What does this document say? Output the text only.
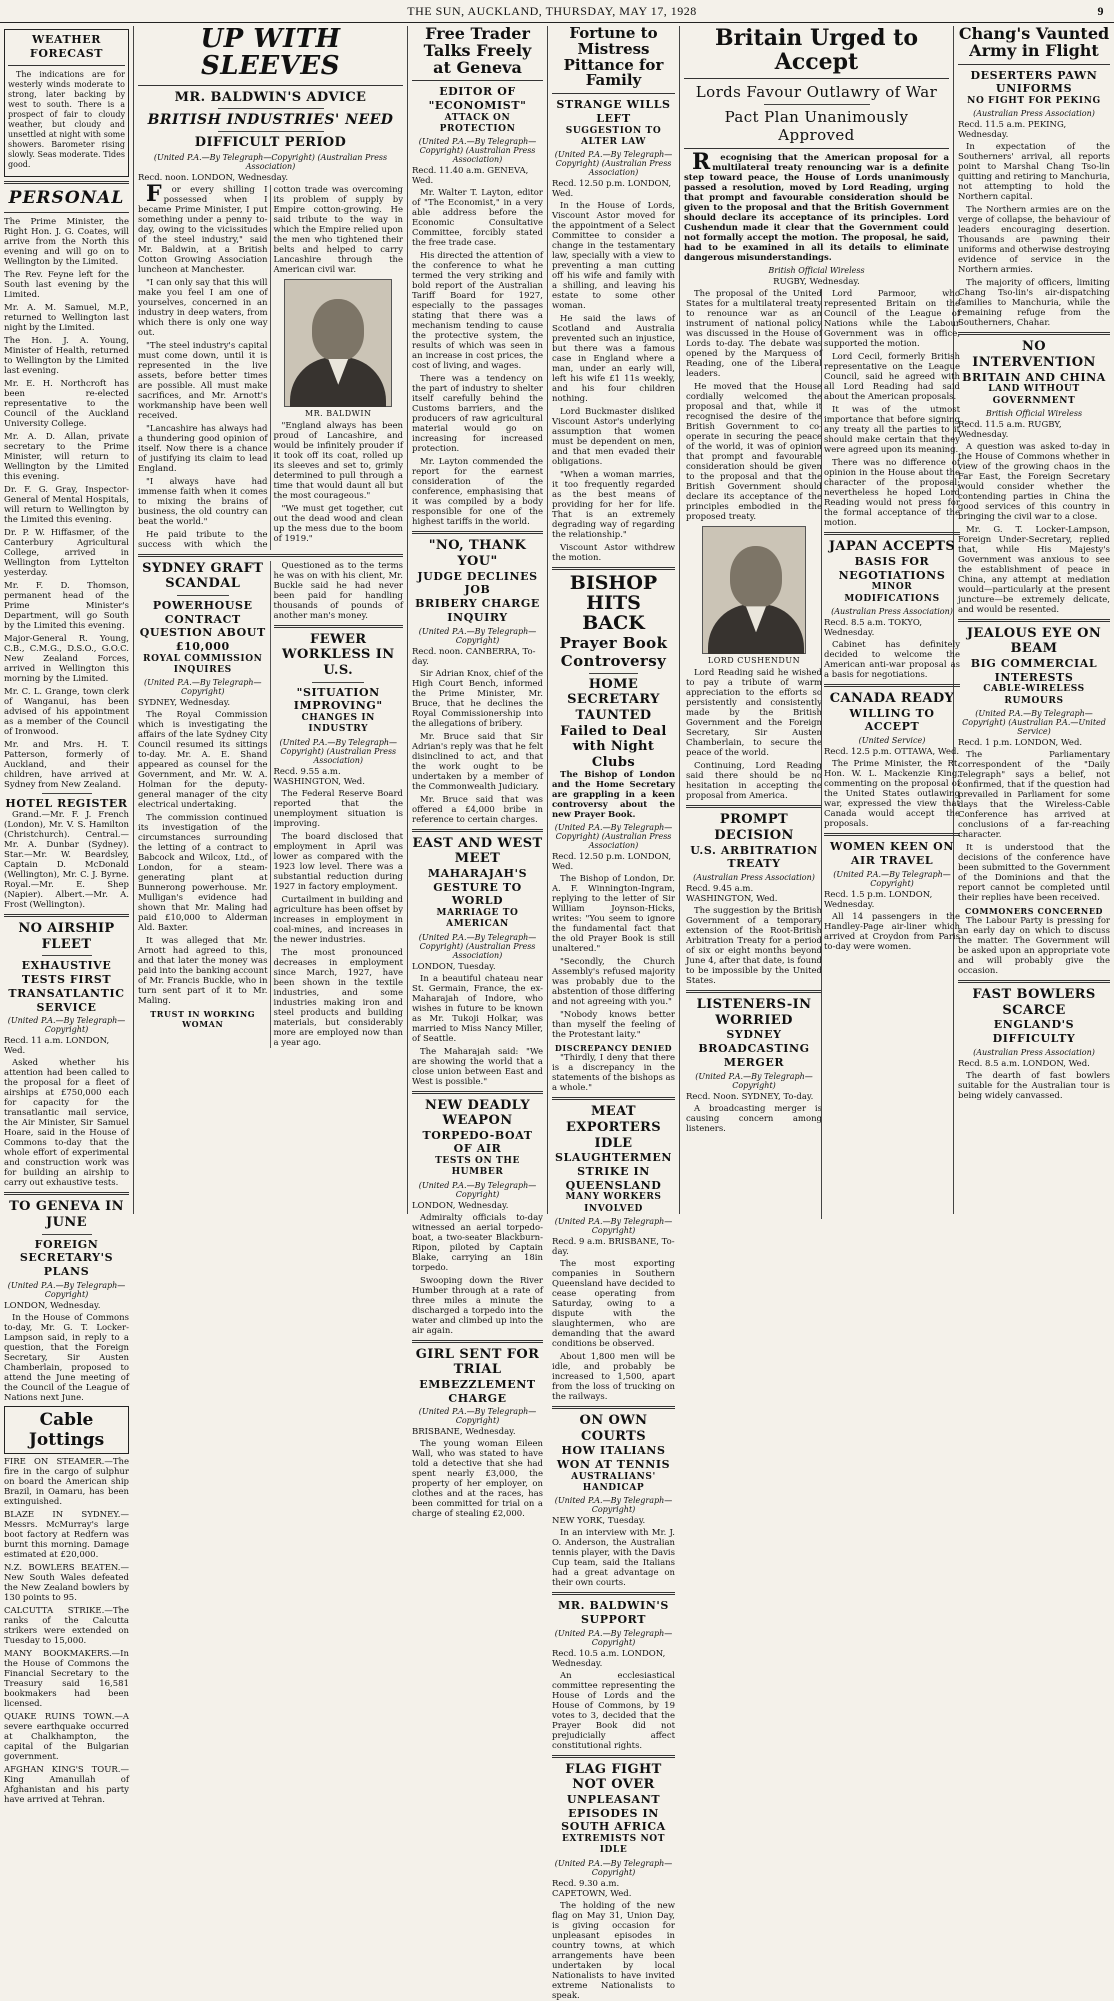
THE SUN, AUCKLAND, THURSDAY, MAY 17, 1928	9
WEATHER FORECAST

The indications are for westerly winds moderate to strong, later backing by west to south. There is a prospect of fair to cloudy weather, but cloudy and unsettled at night with some showers. Barometer rising slowly. Seas moderate. Tides good.

PERSONAL

The Prime Minister, the Right Hon. J. G. Coates, will arrive from the North this evening and will go on to Wellington by the Limited.

The Rev. Feyne left for the South last evening by the Limited.

Mr. A. M. Samuel, M.P., returned to Wellington last night by the Limited.

The Hon. J. A. Young, Minister of Health, returned to Wellington by the Limited last evening.

Mr. E. H. Northcroft has been re-elected representative to the Council of the Auckland University College.

Mr. A. D. Allan, private secretary to the Prime Minister, will return to Wellington by the Limited this evening.

Dr. F. G. Gray, Inspector-General of Mental Hospitals, will return to Wellington by the Limited this evening.

Dr. P. W. Hiffasmer, of the Canterbury Agricultural College, arrived in Wellington from Lyttelton yesterday.

Mr. F. D. Thomson, permanent head of the Prime Minister's Department, will go South by the Limited this evening.

Major-General R. Young, C.B., C.M.G., D.S.O., G.O.C. New Zealand Forces, arrived in Wellington this morning by the Limited.

Mr. C. L. Grange, town clerk of Wanganui, has been advised of his appointment as a member of the Council of Ironwood.

Mr. and Mrs. H. T. Patterson, formerly of Auckland, and their children, have arrived at Sydney from New Zealand.

HOTEL REGISTER

Grand.—Mr. F. J. French (London), Mr. V. S. Hamilton (Christchurch). Central.—Mr. A. Dunbar (Sydney). Star.—Mr. W. Beardsley, Captain D. McDonald (Wellington), Mr. C. J. Byrne. Royal.—Mr. E. Shep (Napier). Albert.—Mr. A. Frost (Wellington).

NO AIRSHIP FLEET
EXHAUSTIVE TESTS FIRST
TRANSATLANTIC SERVICE
(United P.A.—By Telegraph—Copyright)
Recd. 11 a.m. LONDON, Wed.

Asked whether his attention had been called to the proposal for a fleet of airships at £750,000 each for capacity for the transatlantic mail service, the Air Minister, Sir Samuel Hoare, said in the House of Commons to-day that the whole effort of experimental and construction work was for building an airship to carry out exhaustive tests.

TO GENEVA IN JUNE
FOREIGN SECRETARY'S PLANS
(United P.A.—By Telegraph—Copyright)
LONDON, Wednesday.

In the House of Commons to-day, Mr. G. T. Locker-Lampson said, in reply to a question, that the Foreign Secretary, Sir Austen Chamberlain, proposed to attend the June meeting of the Council of the League of Nations next June.

Cable Jottings

FIRE ON STEAMER.—The fire in the cargo of sulphur on board the American ship Brazil, in Oamaru, has been extinguished.

BLAZE IN SYDNEY.—Messrs. McMurray's large boot factory at Redfern was burnt this morning. Damage estimated at £20,000.

N.Z. BOWLERS BEATEN.—New South Wales defeated the New Zealand bowlers by 130 points to 95.

CALCUTTA STRIKE.—The ranks of the Calcutta strikers were extended on Tuesday to 15,000.

MANY BOOKMAKERS.—In the House of Commons the Financial Secretary to the Treasury said 16,581 bookmakers had been licensed.

QUAKE RUINS TOWN.—A severe earthquake occurred at Chalkhampton, the capital of the Bulgarian government.

AFGHAN KING'S TOUR.—King Amanullah of Afghanistan and his party have arrived at Tehran.

UP WITH SLEEVES
MR. BALDWIN'S ADVICE
BRITISH INDUSTRIES' NEED
DIFFICULT PERIOD
(United P.A.—By Telegraph—Copyright) (Australian Press Association)
Recd. noon. LONDON, Wednesday.

For every shilling I possessed when I became Prime Minister, I put something under a penny to-day, owing to the vicissitudes of the steel industry," said Mr. Baldwin, at a British Cotton Growing Association luncheon at Manchester.

"I can only say that this will make you feel I am one of yourselves, concerned in an industry in deep waters, from which there is only one way out.

"The steel industry's capital must come down, until it is represented in the live assets, before better times are possible. All must make sacrifices, and Mr. Arnott's workmanship have been well received.

"Lancashire has always had a thundering good opinion of itself. Now there is a chance of justifying its claim to lead England.

"I always have had immense faith when it comes to mixing the brains of business, the old country can beat the world."

He paid tribute to the success with which the cotton trade was overcoming its problem of supply by Empire cotton-growing. He said tribute to the way in which the Empire relied upon the men who tightened their belts and helped to carry Lancashire through the American civil war.

MR. BALDWIN

"England always has been proud of Lancashire, and would be infinitely prouder if it took off its coat, rolled up its sleeves and set to, grimly determined to pull through a time that would daunt all but the most courageous."

"We must get together, cut out the dead wood and clean up the mess due to the boom of 1919."

SYDNEY GRAFT SCANDAL
POWERHOUSE CONTRACT
QUESTION ABOUT £10,000
ROYAL COMMISSION INQUIRES
(United P.A.—By Telegraph—Copyright)
SYDNEY, Wednesday.

The Royal Commission which is investigating the affairs of the late Sydney City Council resumed its sittings to-day. Mr. A. E. Shand appeared as counsel for the Government, and Mr. W. A. Holman for the deputy-general manager of the city electrical undertaking.

The commission continued its investigation of the circumstances surrounding the letting of a contract to Babcock and Wilcox, Ltd., of London, for a steam-generating plant at Bunnerong powerhouse. Mr. Mulligan's evidence had shown that Mr. Maling had paid £10,000 to Alderman Ald. Baxter.

It was alleged that Mr. Arnott had agreed to this, and that later the money was paid into the banking account of Mr. Francis Buckle, who in turn sent part of it to Mr. Maling.

TRUST IN WORKING WOMAN

Questioned as to the terms he was on with his client, Mr. Buckle said he had never been paid for handling thousands of pounds of another man's money.

FEWER WORKLESS IN U.S.
"SITUATION IMPROVING"
CHANGES IN INDUSTRY
(United P.A.—By Telegraph—Copyright) (Australian Press Association)
Recd. 9.55 a.m. WASHINGTON, Wed.

The Federal Reserve Board reported that the unemployment situation is improving.

The board disclosed that employment in April was lower as compared with the 1923 low level. There was a substantial reduction during 1927 in factory employment.

Curtailment in building and agriculture has been offset by increases in employment in coal-mines, and increases in the newer industries.

The most pronounced decreases in employment since March, 1927, have been shown in the textile industries, and some industries making iron and steel products and building materials, but considerably more are employed now than a year ago.

Free Trader Talks Freely at Geneva
EDITOR OF "ECONOMIST"
ATTACK ON PROTECTION
(United P.A.—By Telegraph—Copyright) (Australian Press Association)
Recd. 11.40 a.m. GENEVA, Wed.

Mr. Walter T. Layton, editor of "The Economist," in a very able address before the Economic Consultative Committee, forcibly stated the free trade case.

His directed the attention of the conference to what he termed the very striking and bold report of the Australian Tariff Board for 1927, especially to the passages stating that there was a mechanism tending to cause the protective system, the results of which was seen in an increase in cost prices, the cost of living, and wages.

There was a tendency on the part of industry to shelter itself carefully behind the Customs barriers, and the producers of raw agricultural material would go on increasing for increased protection.

Mr. Layton commended the report for the earnest consideration of the conference, emphasising that it was compiled by a body responsible for one of the highest tariffs in the world.

"NO, THANK YOU"
JUDGE DECLINES JOB
BRIBERY CHARGE INQUIRY
(United P.A.—By Telegraph—Copyright)
Recd. noon. CANBERRA, To-day.

Sir Adrian Knox, chief of the High Court Bench, informed the Prime Minister, Mr. Bruce, that he declines the Royal Commissionership into the allegations of bribery.

Mr. Bruce said that Sir Adrian's reply was that he felt disinclined to act, and that the work ought to be undertaken by a member of the Commonwealth Judiciary.

Mr. Bruce said that was offered a £4,000 bribe in reference to certain charges.

EAST AND WEST MEET
MAHARAJAH'S GESTURE TO WORLD
MARRIAGE TO AMERICAN
(United P.A.—By Telegraph—Copyright) (Australian Press Association)
LONDON, Tuesday.

In a beautiful chateau near St. Germain, France, the ex-Maharajah of Indore, who wishes in future to be known as Mr. Tukoji Holkar, was married to Miss Nancy Miller, of Seattle.

The Maharajah said: "We are showing the world that a close union between East and West is possible."

NEW DEADLY WEAPON
TORPEDO-BOAT OF AIR
TESTS ON THE HUMBER
(United P.A.—By Telegraph—Copyright)
LONDON, Wednesday.

Admiralty officials to-day witnessed an aerial torpedo-boat, a two-seater Blackburn-Ripon, piloted by Captain Blake, carrying an 18in torpedo.

Swooping down the River Humber through at a rate of three miles a minute the discharged a torpedo into the water and climbed up into the air again.

GIRL SENT FOR TRIAL
EMBEZZLEMENT CHARGE
(United P.A.—By Telegraph—Copyright)
BRISBANE, Wednesday.

The young woman Eileen Wall, who was stated to have told a detective that she had spent nearly £3,000, the property of her employer, on clothes and at the races, has been committed for trial on a charge of stealing £2,000.

Fortune to Mistress Pittance for Family
STRANGE WILLS LEFT
SUGGESTION TO ALTER LAW
(United P.A.—By Telegraph—Copyright) (Australian Press Association)
Recd. 12.50 p.m. LONDON, Wed.

In the House of Lords, Viscount Astor moved for the appointment of a Select Committee to consider a change in the testamentary law, specially with a view to preventing a man cutting off his wife and family with a shilling, and leaving his estate to some other woman.

He said the laws of Scotland and Australia prevented such an injustice, but there was a famous case in England where a man, under an early will, left his wife £1 11s weekly, and his four children nothing.

Lord Buckmaster disliked Viscount Astor's underlying assumption that women must be dependent on men, and that men evaded their obligations.

"When a woman marries, it too frequently regarded as the best means of providing for her for life. That is an extremely degrading way of regarding the relationship."

Viscount Astor withdrew the motion.

BISHOP HITS BACK
Prayer Book Controversy
HOME SECRETARY TAUNTED
Failed to Deal with Night Clubs

The Bishop of London and the Home Secretary are grappling in a keen controversy about the new Prayer Book.

(United P.A.—By Telegraph—Copyright) (Australian Press Association)
Recd. 12.50 p.m. LONDON, Wed.

The Bishop of London, Dr. A. F. Winnington-Ingram, replying to the letter of Sir William Joynson-Hicks, writes: "You seem to ignore the fundamental fact that the old Prayer Book is still unaltered."

"Secondly, the Church Assembly's refused majority was probably due to the abstention of those differing and not agreeing with you."

"Nobody knows better than myself the feeling of the Protestant laity."

DISCREPANCY DENIED

"Thirdly, I deny that there is a discrepancy in the statements of the bishops as a whole."

MEAT EXPORTERS IDLE
SLAUGHTERMEN STRIKE IN QUEENSLAND
MANY WORKERS INVOLVED
(United P.A.—By Telegraph—Copyright)
Recd. 9 a.m. BRISBANE, To-day.

The most exporting companies in Southern Queensland have decided to cease operating from Saturday, owing to a dispute with the slaughtermen, who are demanding that the award conditions be observed.

About 1,800 men will be idle, and probably be increased to 1,500, apart from the loss of trucking on the railways.

ON OWN COURTS
HOW ITALIANS WON AT TENNIS
AUSTRALIANS' HANDICAP
(United P.A.—By Telegraph—Copyright)
NEW YORK, Tuesday.

In an interview with Mr. J. O. Anderson, the Australian tennis player, with the Davis Cup team, said the Italians had a great advantage on their own courts.

MR. BALDWIN'S SUPPORT
(United P.A.—By Telegraph—Copyright)
Recd. 10.5 a.m. LONDON, Wednesday.

An ecclesiastical committee representing the House of Lords and the House of Commons, by 19 votes to 3, decided that the Prayer Book did not prejudicially affect constitutional rights.

FLAG FIGHT NOT OVER
UNPLEASANT EPISODES IN SOUTH AFRICA
EXTREMISTS NOT IDLE
(United P.A.—By Telegraph—Copyright)
Recd. 9.30 a.m. CAPETOWN, Wed.

The holding of the new flag on May 31, Union Day, is giving occasion for unpleasant episodes in country towns, at which arrangements have been undertaken by local Nationalists to have invited extreme Nationalists to speak.

Britain Urged to Accept
Lords Favour Outlawry of War
Pact Plan Unanimously Approved

Recognising that the American proposal for a multilateral treaty renouncing war is a definite step toward peace, the House of Lords unanimously passed a resolution, moved by Lord Reading, urging that prompt and favourable consideration should be given to the proposal and that the British Government should declare its acceptance of its principles. Lord Cushendun made it clear that the Government could not formally accept the motion. The proposal, he said, had to be examined in all its details to eliminate dangerous misunderstandings.

British Official Wireless
RUGBY, Wednesday.

The proposal of the United States for a multilateral treaty to renounce war as an instrument of national policy was discussed in the House of Lords to-day. The debate was opened by the Marquess of Reading, one of the Liberal leaders.

He moved that the House cordially welcomed the proposal and that, while it recognised the desire of the British Government to co-operate in securing the peace of the world, it was of opinion that prompt and favourable consideration should be given to the proposal and that the British Government should declare its acceptance of the principles embodied in the proposed treaty.

LORD CUSHENDUN

Lord Reading said he wished to pay a tribute of warm appreciation to the efforts so persistently and consistently made by the British Government and the Foreign Secretary, Sir Austen Chamberlain, to secure the peace of the world.

Continuing, Lord Reading said there should be no hesitation in accepting the proposal from America.

PROMPT DECISION
U.S. ARBITRATION TREATY
(Australian Press Association)
Recd. 9.45 a.m. WASHINGTON, Wed.

The suggestion by the British Government of a temporary extension of the Root-British Arbitration Treaty for a period of six or eight months beyond June 4, after that date, is found to be impossible by the United States.

LISTENERS-IN WORRIED
SYDNEY BROADCASTING MERGER
(United P.A.—By Telegraph—Copyright)
Recd. Noon. SYDNEY, To-day.

A broadcasting merger is causing concern among listeners.

Lord Parmoor, who represented Britain on the Council of the League of Nations while the Labour Government was in office, supported the motion.

Lord Cecil, formerly British representative on the League Council, said he agreed with all Lord Reading had said about the American proposals.

It was of the utmost importance that before signing any treaty all the parties to it should make certain that they were agreed upon its meaning.

There was no difference of opinion in the House about the character of the proposal; nevertheless he hoped Lord Reading would not press for the formal acceptance of the motion.

JAPAN ACCEPTS
BASIS FOR NEGOTIATIONS
MINOR MODIFICATIONS
(Australian Press Association)
Recd. 8.5 a.m. TOKYO, Wednesday.

Cabinet has definitely decided to welcome the American anti-war proposal as a basis for negotiations.

CANADA READY
WILLING TO ACCEPT
(United Service)
Recd. 12.5 p.m. OTTAWA, Wed.

The Prime Minister, the Rt. Hon. W. L. Mackenzie King, commenting on the proposal of the United States outlawing war, expressed the view that Canada would accept the proposals.

WOMEN KEEN ON AIR TRAVEL
(United P.A.—By Telegraph—Copyright)
Recd. 1.5 p.m. LONDON, Wednesday.

All 14 passengers in the Handley-Page air-liner which arrived at Croydon from Paris to-day were women.

Chang's Vaunted Army in Flight
DESERTERS PAWN UNIFORMS
NO FIGHT FOR PEKING
(Australian Press Association)
Recd. 11.5 a.m. PEKING, Wednesday.

In expectation of the Southerners' arrival, all reports point to Marshal Chang Tso-lin quitting and retiring to Manchuria, not attempting to hold the Northern capital.

The Northern armies are on the verge of collapse, the behaviour of leaders encouraging desertion. Thousands are pawning their uniforms and otherwise destroying evidence of service in the Northern armies.

The majority of officers, limiting Chang Tso-lin's air-dispatching families to Manchuria, while the remaining refuge from the Southerners, Chahar.

NO INTERVENTION
BRITAIN AND CHINA
LAND WITHOUT GOVERNMENT
British Official Wireless
Recd. 11.5 a.m. RUGBY, Wednesday.

A question was asked to-day in the House of Commons whether in view of the growing chaos in the Far East, the Foreign Secretary would consider whether the contending parties in China the good services of this country in bringing the civil war to a close.

Mr. G. T. Locker-Lampson, Foreign Under-Secretary, replied that, while His Majesty's Government was anxious to see the establishment of peace in China, any attempt at mediation would—particularly at the present juncture—be extremely delicate, and would be resented.

JEALOUS EYE ON BEAM
BIG COMMERCIAL INTERESTS
CABLE-WIRELESS RUMOURS
(United P.A.—By Telegraph—Copyright) (Australian P.A.—United Service)
Recd. 1 p.m. LONDON, Wed.

The Parliamentary correspondent of the "Daily Telegraph" says a belief, not confirmed, that if the question had prevailed in Parliament for some days that the Wireless-Cable Conference has arrived at conclusions of a far-reaching character.

It is understood that the decisions of the conference have been submitted to the Government of the Dominions and that the report cannot be completed until their replies have been received.

COMMONERS CONCERNED

The Labour Party is pressing for an early day on which to discuss the matter. The Government will be asked upon an appropriate vote and will probably give the occasion.

FAST BOWLERS SCARCE
ENGLAND'S DIFFICULTY
(Australian Press Association)
Recd. 8.5 a.m. LONDON, Wed.

The dearth of fast bowlers suitable for the Australian tour is being widely canvassed.
